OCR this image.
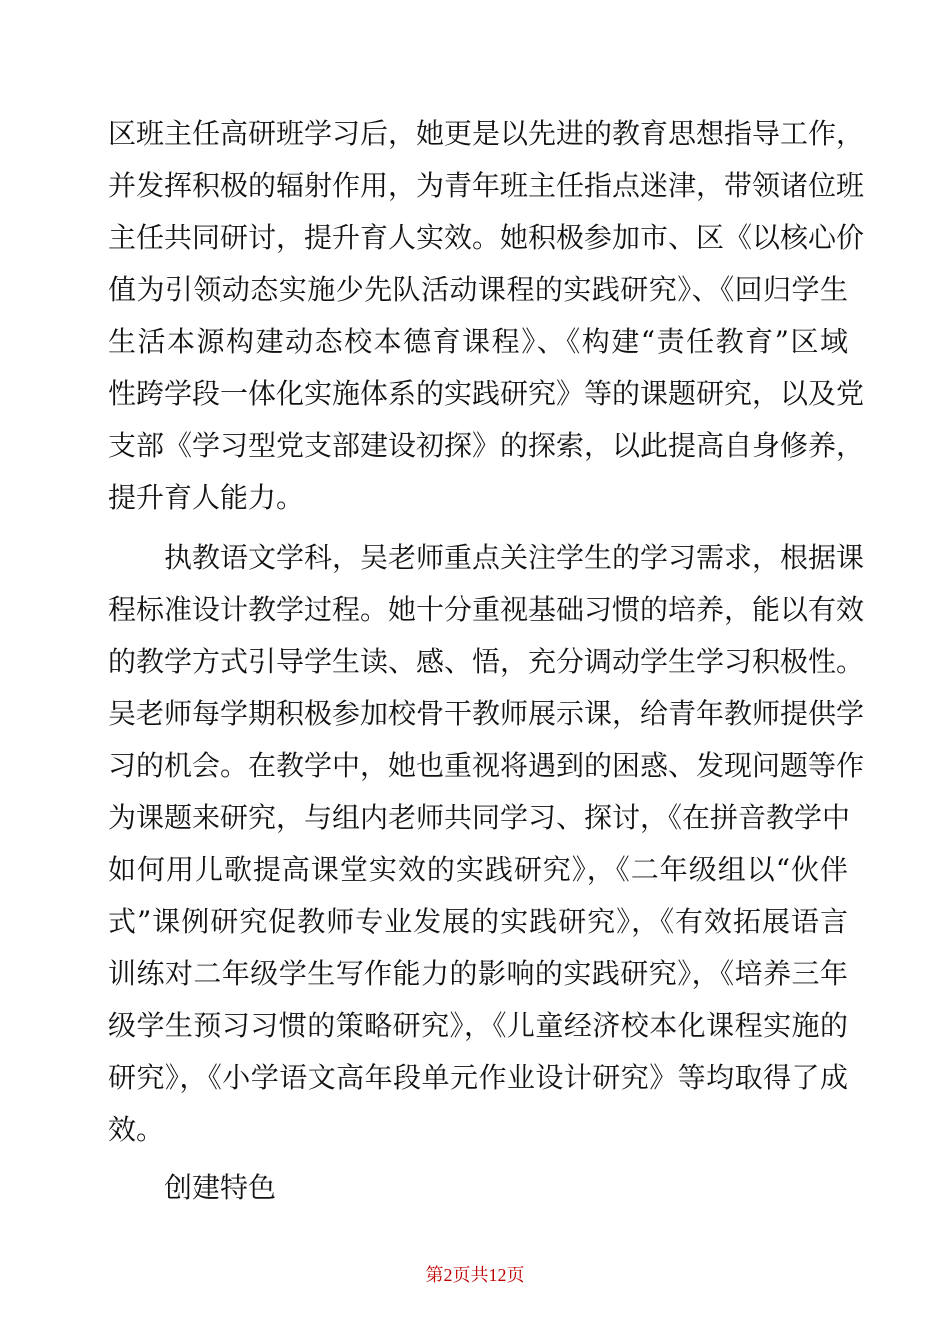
区班主任高研班学习后，她更是以先进的教育思想指导工作，
并发挥积极的辐射作用，为青年班主任指点迷津，带领诸位班
主任共同研讨，提升育人实效。她积极参加市、区《以核心价
值为引领动态实施少先队活动课程的实践研究》、《回归学生
生活本源构建动态校本德育课程》、《构建“责任教育”区域
性跨学段一体化实施体系的实践研究》等的课题研究，以及党
支部《学习型党支部建设初探》的探索，以此提高自身修养，
提升育人能力。
执教语文学科，吴老师重点关注学生的学习需求，根据课
程标准设计教学过程。她十分重视基础习惯的培养，能以有效
的教学方式引导学生读、感、悟，充分调动学生学习积极性。
吴老师每学期积极参加校骨干教师展示课，给青年教师提供学
习的机会。在教学中，她也重视将遇到的困惑、发现问题等作
为课题来研究，与组内老师共同学习、探讨，《在拼音教学中
如何用儿歌提高课堂实效的实践研究》，《二年级组以“伙伴
式”课例研究促教师专业发展的实践研究》，《有效拓展语言
训练对二年级学生写作能力的影响的实践研究》，《培养三年
级学生预习习惯的策略研究》，《儿童经济校本化课程实施的
研究》，《小学语文高年段单元作业设计研究》等均取得了成
效。
创建特色
第2页共12页
